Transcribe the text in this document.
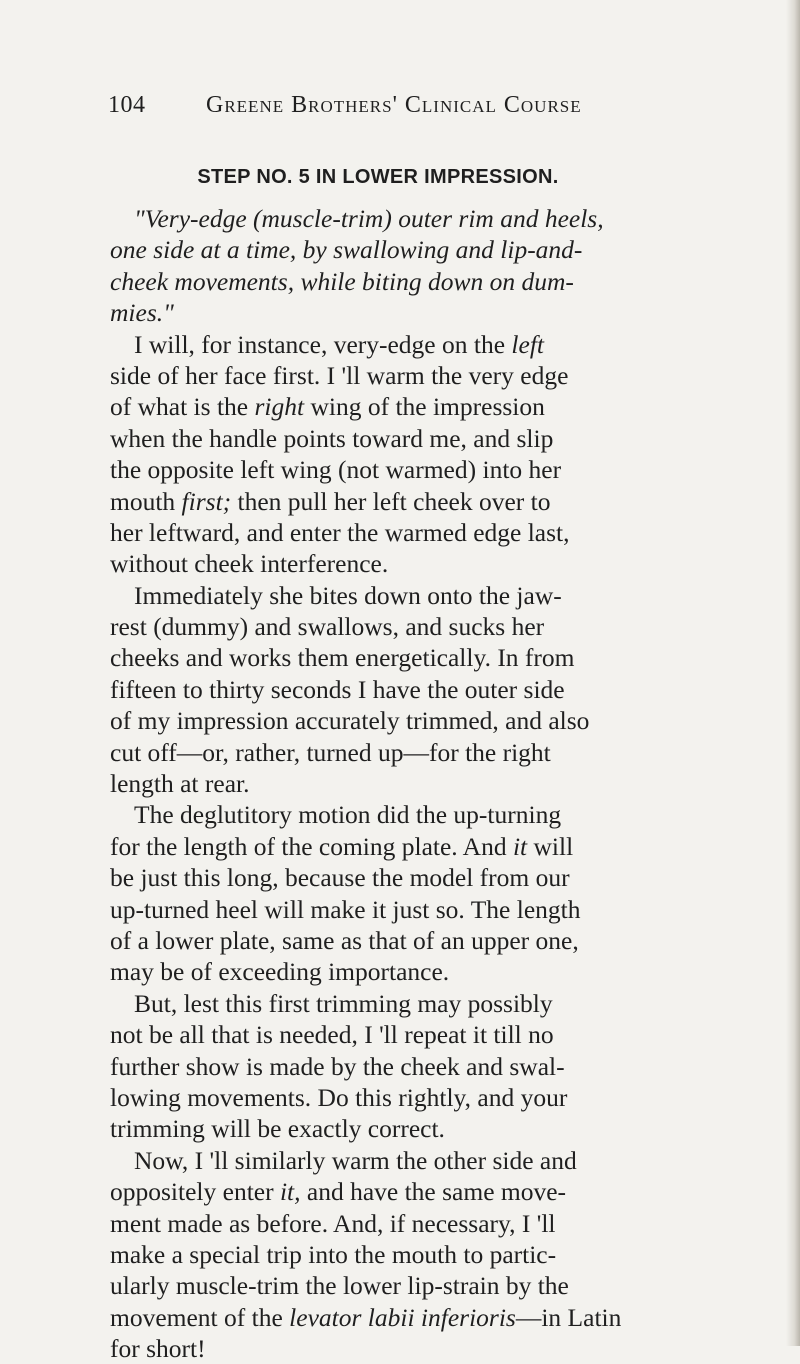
104	Greene Brothers' Clinical Course
STEP NO. 5 IN LOWER IMPRESSION.
"Very-edge (muscle-trim) outer rim and heels,
one side at a time, by swallowing and lip-and-
cheek movements, while biting down on dum-
mies."
I will, for instance, very-edge on the left
side of her face first. I 'll warm the very edge
of what is the right wing of the impression
when the handle points toward me, and slip
the opposite left wing (not warmed) into her
mouth first; then pull her left cheek over to
her leftward, and enter the warmed edge last,
without cheek interference.
Immediately she bites down onto the jaw-
rest (dummy) and swallows, and sucks her
cheeks and works them energetically. In from
fifteen to thirty seconds I have the outer side
of my impression accurately trimmed, and also
cut off—or, rather, turned up—for the right
length at rear.
The deglutitory motion did the up-turning
for the length of the coming plate. And it will
be just this long, because the model from our
up-turned heel will make it just so. The length
of a lower plate, same as that of an upper one,
may be of exceeding importance.
But, lest this first trimming may possibly
not be all that is needed, I 'll repeat it till no
further show is made by the cheek and swal-
lowing movements. Do this rightly, and your
trimming will be exactly correct.
Now, I 'll similarly warm the other side and
oppositely enter it, and have the same move-
ment made as before. And, if necessary, I 'll
make a special trip into the mouth to partic-
ularly muscle-trim the lower lip-strain by the
movement of the levator labii inferioris—in Latin
for short!
